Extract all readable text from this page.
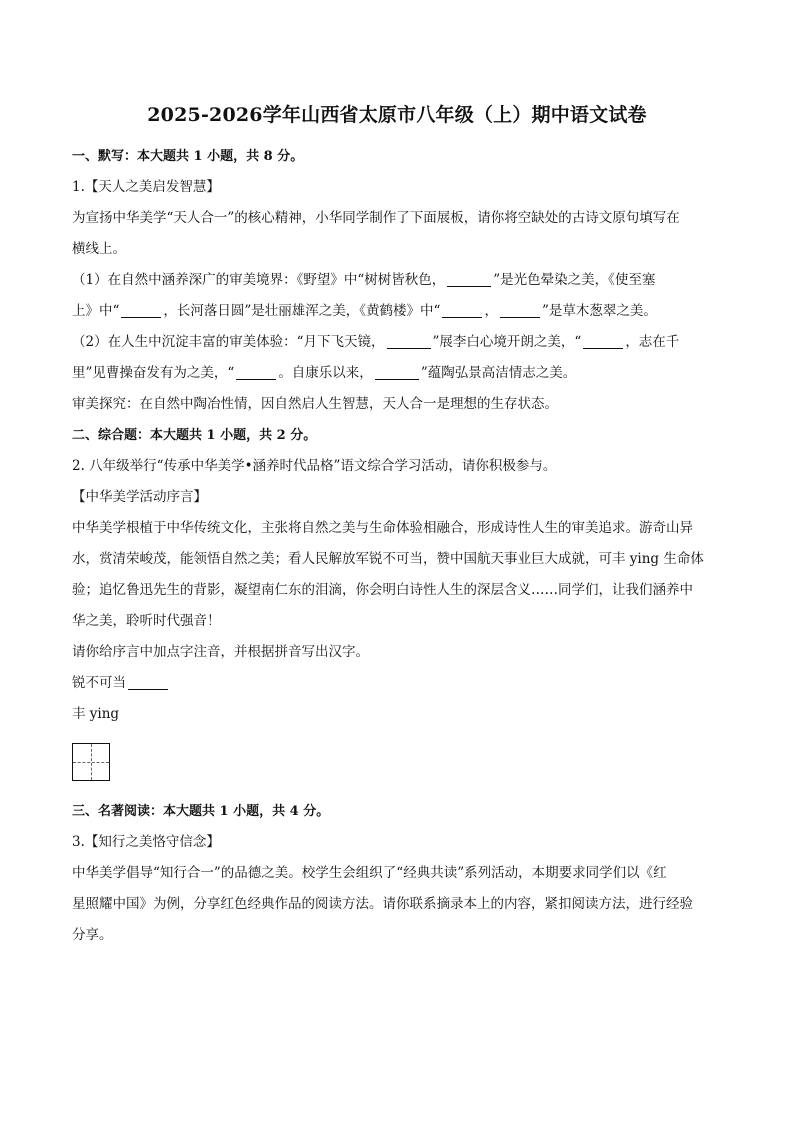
2025-2026学年山西省太原市八年级（上）期中语文试卷
一、默写：本大题共 1 小题，共 8 分。
1.【天人之美启发智慧】
为宣扬中华美学“天人合一”的核心精神，小华同学制作了下面展板，请你将空缺处的古诗文原句填写在
横线上。
（1）在自然中涵养深广的审美境界：《野望》中“树树皆秋色，	”是光色晕染之美，《使至塞
上》中“	，长河落日圆”是壮丽雄浑之美，《黄鹤楼》中“	，	”是草木葱翠之美。
（2）在人生中沉淀丰富的审美体验：“月下飞天镜，	”展李白心境开朗之美，“	，志在千
里”见曹操奋发有为之美，“	。自康乐以来，	”蕴陶弘景高洁情志之美。
审美探究：在自然中陶冶性情，因自然启人生智慧，天人合一是理想的生存状态。
二、综合题：本大题共 1 小题，共 2 分。
2. 八年级举行“传承中华美学•涵养时代品格”语文综合学习活动，请你积极参与。
【中华美学活动序言】
中华美学根植于中华传统文化，主张将自然之美与生命体验相融合，形成诗性人生的审美追求。游奇山异
水，赏清荣峻茂，能领悟自然之美；看人民解放军锐不可当，赞中国航天事业巨大成就，可丰 ying 生命体
验；追忆鲁迅先生的背影，凝望南仁东的泪滴，你会明白诗性人生的深层含义……同学们，让我们涵养中
华之美，聆听时代强音！
请你给序言中加点字注音，并根据拼音写出汉字。
锐不可当
丰 ying
三、名著阅读：本大题共 1 小题，共 4 分。
3.【知行之美恪守信念】
中华美学倡导“知行合一”的品德之美。校学生会组织了“经典共读”系列活动，本期要求同学们以《红
星照耀中国》为例，分享红色经典作品的阅读方法。请你联系摘录本上的内容，紧扣阅读方法，进行经验
分享。
